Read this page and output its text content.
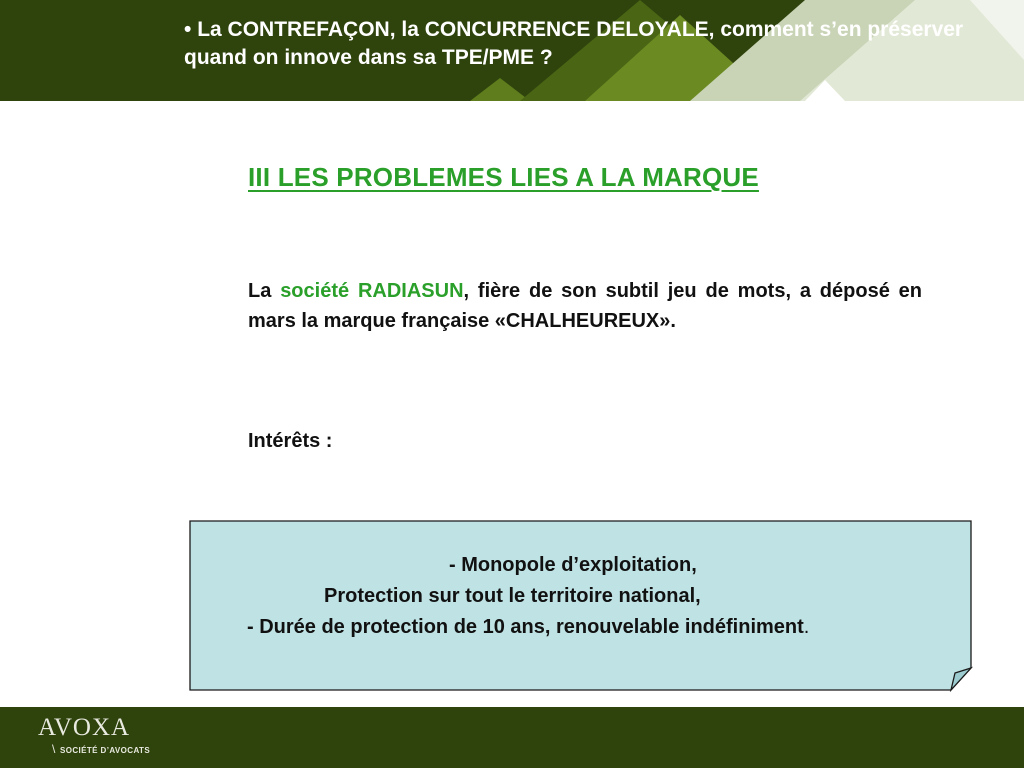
• La CONTREFAÇON, la CONCURRENCE DELOYALE, comment s’en préserver quand on innove dans sa TPE/PME ?
III LES PROBLEMES LIES A LA MARQUE
La société RADIASUN, fière de son subtil jeu de mots, a déposé en mars la marque française «CHALHEUREUX».
Intérêts :
- Monopole d’exploitation,
Protection sur tout le territoire national,
- Durée de protection de 10 ans, renouvelable indéfiniment.
AVOXA
\ SOCIÉTÉ D’AVOCATS
